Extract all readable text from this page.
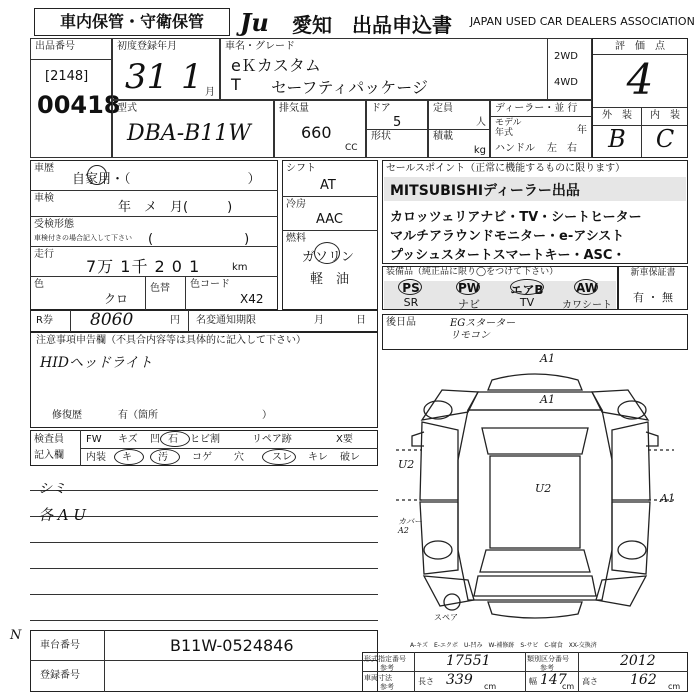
車内保管・守衛保管	Ju	愛知 出品申込書 JAPAN USED CAR DEALERS ASSOCIATION
出品番号
[2148]
00418
初度登録年月
31 1 月
車名・グレード
eＫカスタム
T セーフティパッケージ
2WD
4WD
評　価　点
4
外　装	内　装
B	C
型式
DBA-B11W
排気量
660
CC
ドア
5
形状
定員
人
積載
kg
ディーラー・並 行
モデル
年式	年
ハンドル 左　右
車歴
自家用・（　　　　　　　　　）
車検
年　メ　月(　　　)
受検形態
車検付きの場合記入して下さい (　　　　　　　)
走行
7万 1千 2 0 1	km
色
クロ
色替 色コード
X42
シフト
AT
冷房
AAC
燃料
ガソリン
軽　油
セールスポイント（正常に機能するものに限ります）
MITSUBISHIディーラー出品
カロッツェリアナビ・TV・シートヒーター
マルチアラウンドモニター・e-アシスト
プッシュスタートスマートキー・ASC・
装備品（純正品に限り◯をつけて下さい）
PS	PW	エアB	AW
SR	ナビ	TV	カワシート
新車保証書
有 ・ 無
R券 8060	円 名変通知期限	月	日 後日品	EGスターター
リモコン
注意事項申告欄（不具合内容等は具体的に記入して下さい）
HIDヘッドライト
修復歴	有（箇所	）
検査員
記入欄
FW キズ 凹 石 ヒビ割	リペア跡	X要
内装 キ	汚 コゲ 穴	スレ キレ 破レ
シミ
各 A U
A1
A1
U2
U2
A1
カバー
A2
スペア
A-キズ　E-エクボ　U-凹み　W-補修跡　S-サビ　C-腐食　XX-交換済
N
車台番号	B11W-0524846
登録番号
形式指定番号
参考	17551	類別区分番号
参考	2012
車両寸法
参考
長さ 339 cm
幅 147
cm
高さ 162 cm
